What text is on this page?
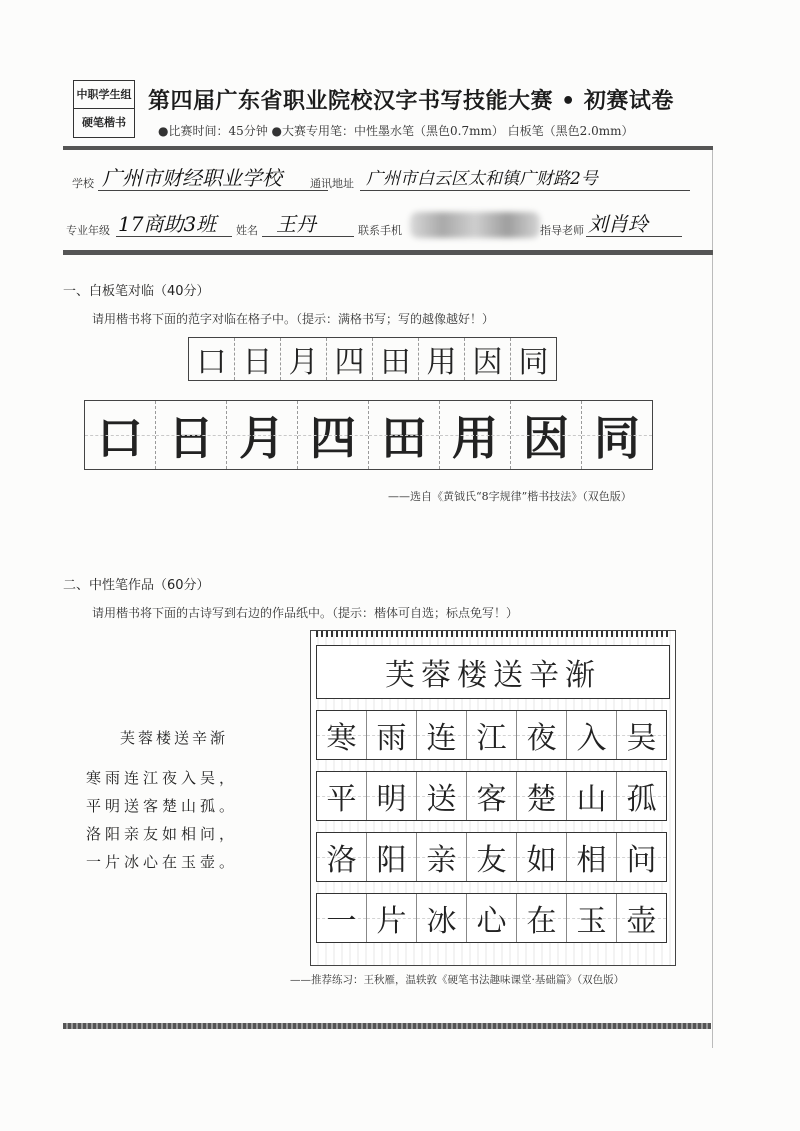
中职学生组
硬笔楷书
第四届广东省职业院校汉字书写技能大赛 • 初赛试卷
●比赛时间：45分钟 ●大赛专用笔：中性墨水笔（黑色0.7mm） 白板笔（黑色2.0mm）
学校 广州市财经职业学校	通讯地址 广州市白云区太和镇广财路2号
专业年级 17商助3班 姓名 王丹	联系手机	指导老师 刘肖玲
一、白板笔对临（40分）
请用楷书将下面的范字对临在格子中。（提示：满格书写；写的越像越好！）
口 日 月 四 田 用 因 同
口 日 月 四 田 用 因 同
——选自《黄钺氏“8字规律”楷书技法》（双色版）
二、中性笔作品（60分）
请用楷书将下面的古诗写到右边的作品纸中。（提示：楷体可自选；标点免写！）
芙蓉楼送辛渐
寒雨连江夜入吴，
平明送客楚山孤。
洛阳亲友如相问，
一片冰心在玉壶。
芙蓉楼送辛渐
寒 雨 连 江 夜 入 吴
平 明 送 客 楚 山 孤
洛 阳 亲 友 如 相 问
一 片 冰 心 在 玉 壶
——推荐练习：王秋雁，温轶敦《硬笔书法趣味课堂·基础篇》（双色版）
